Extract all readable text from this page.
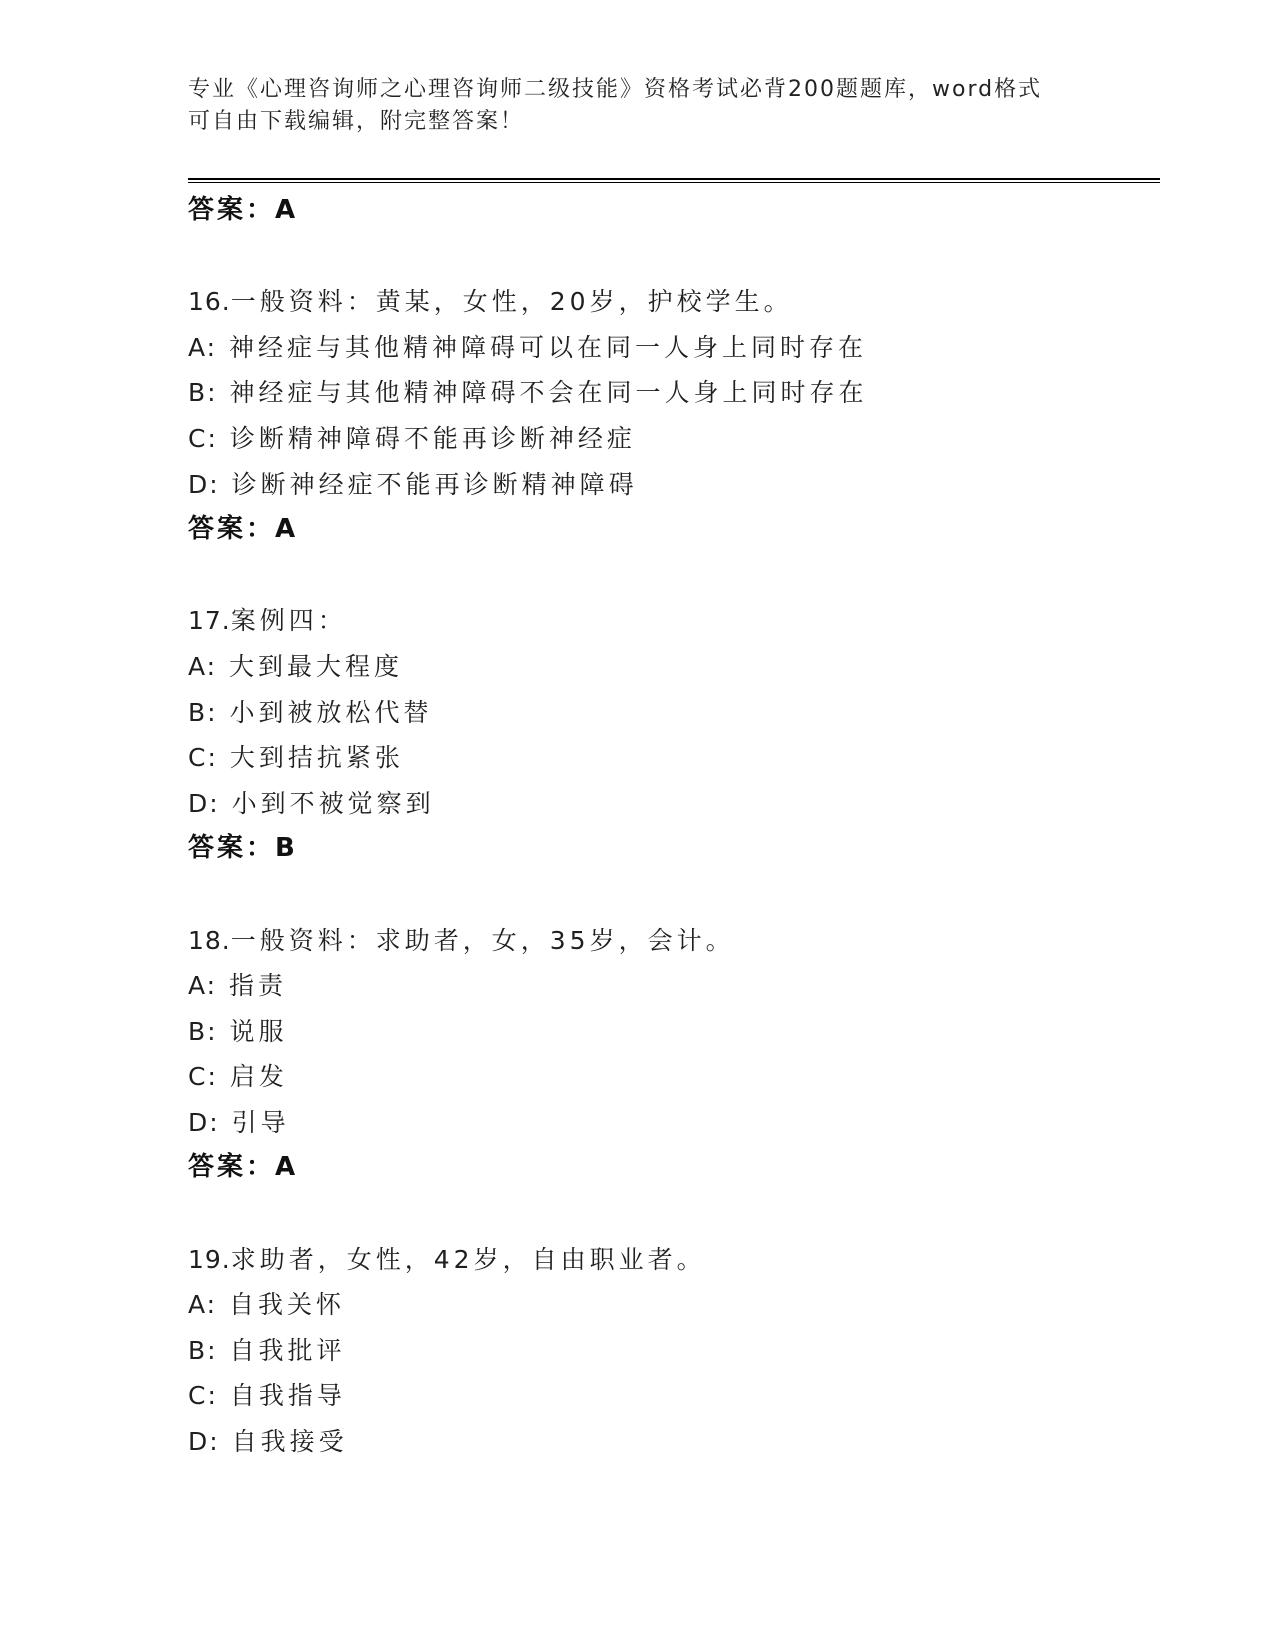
专业《心理咨询师之心理咨询师二级技能》资格考试必背200题题库，word格式
可自由下载编辑，附完整答案！
答案：A
16.一般资料：黄某，女性，20岁，护校学生。
A: 神经症与其他精神障碍可以在同一人身上同时存在
B: 神经症与其他精神障碍不会在同一人身上同时存在
C: 诊断精神障碍不能再诊断神经症
D: 诊断神经症不能再诊断精神障碍
答案：A
17.案例四：
A: 大到最大程度
B: 小到被放松代替
C: 大到拮抗紧张
D: 小到不被觉察到
答案：B
18.一般资料：求助者，女，35岁，会计。
A: 指责
B: 说服
C: 启发
D: 引导
答案：A
19.求助者，女性，42岁，自由职业者。
A: 自我关怀
B: 自我批评
C: 自我指导
D: 自我接受
